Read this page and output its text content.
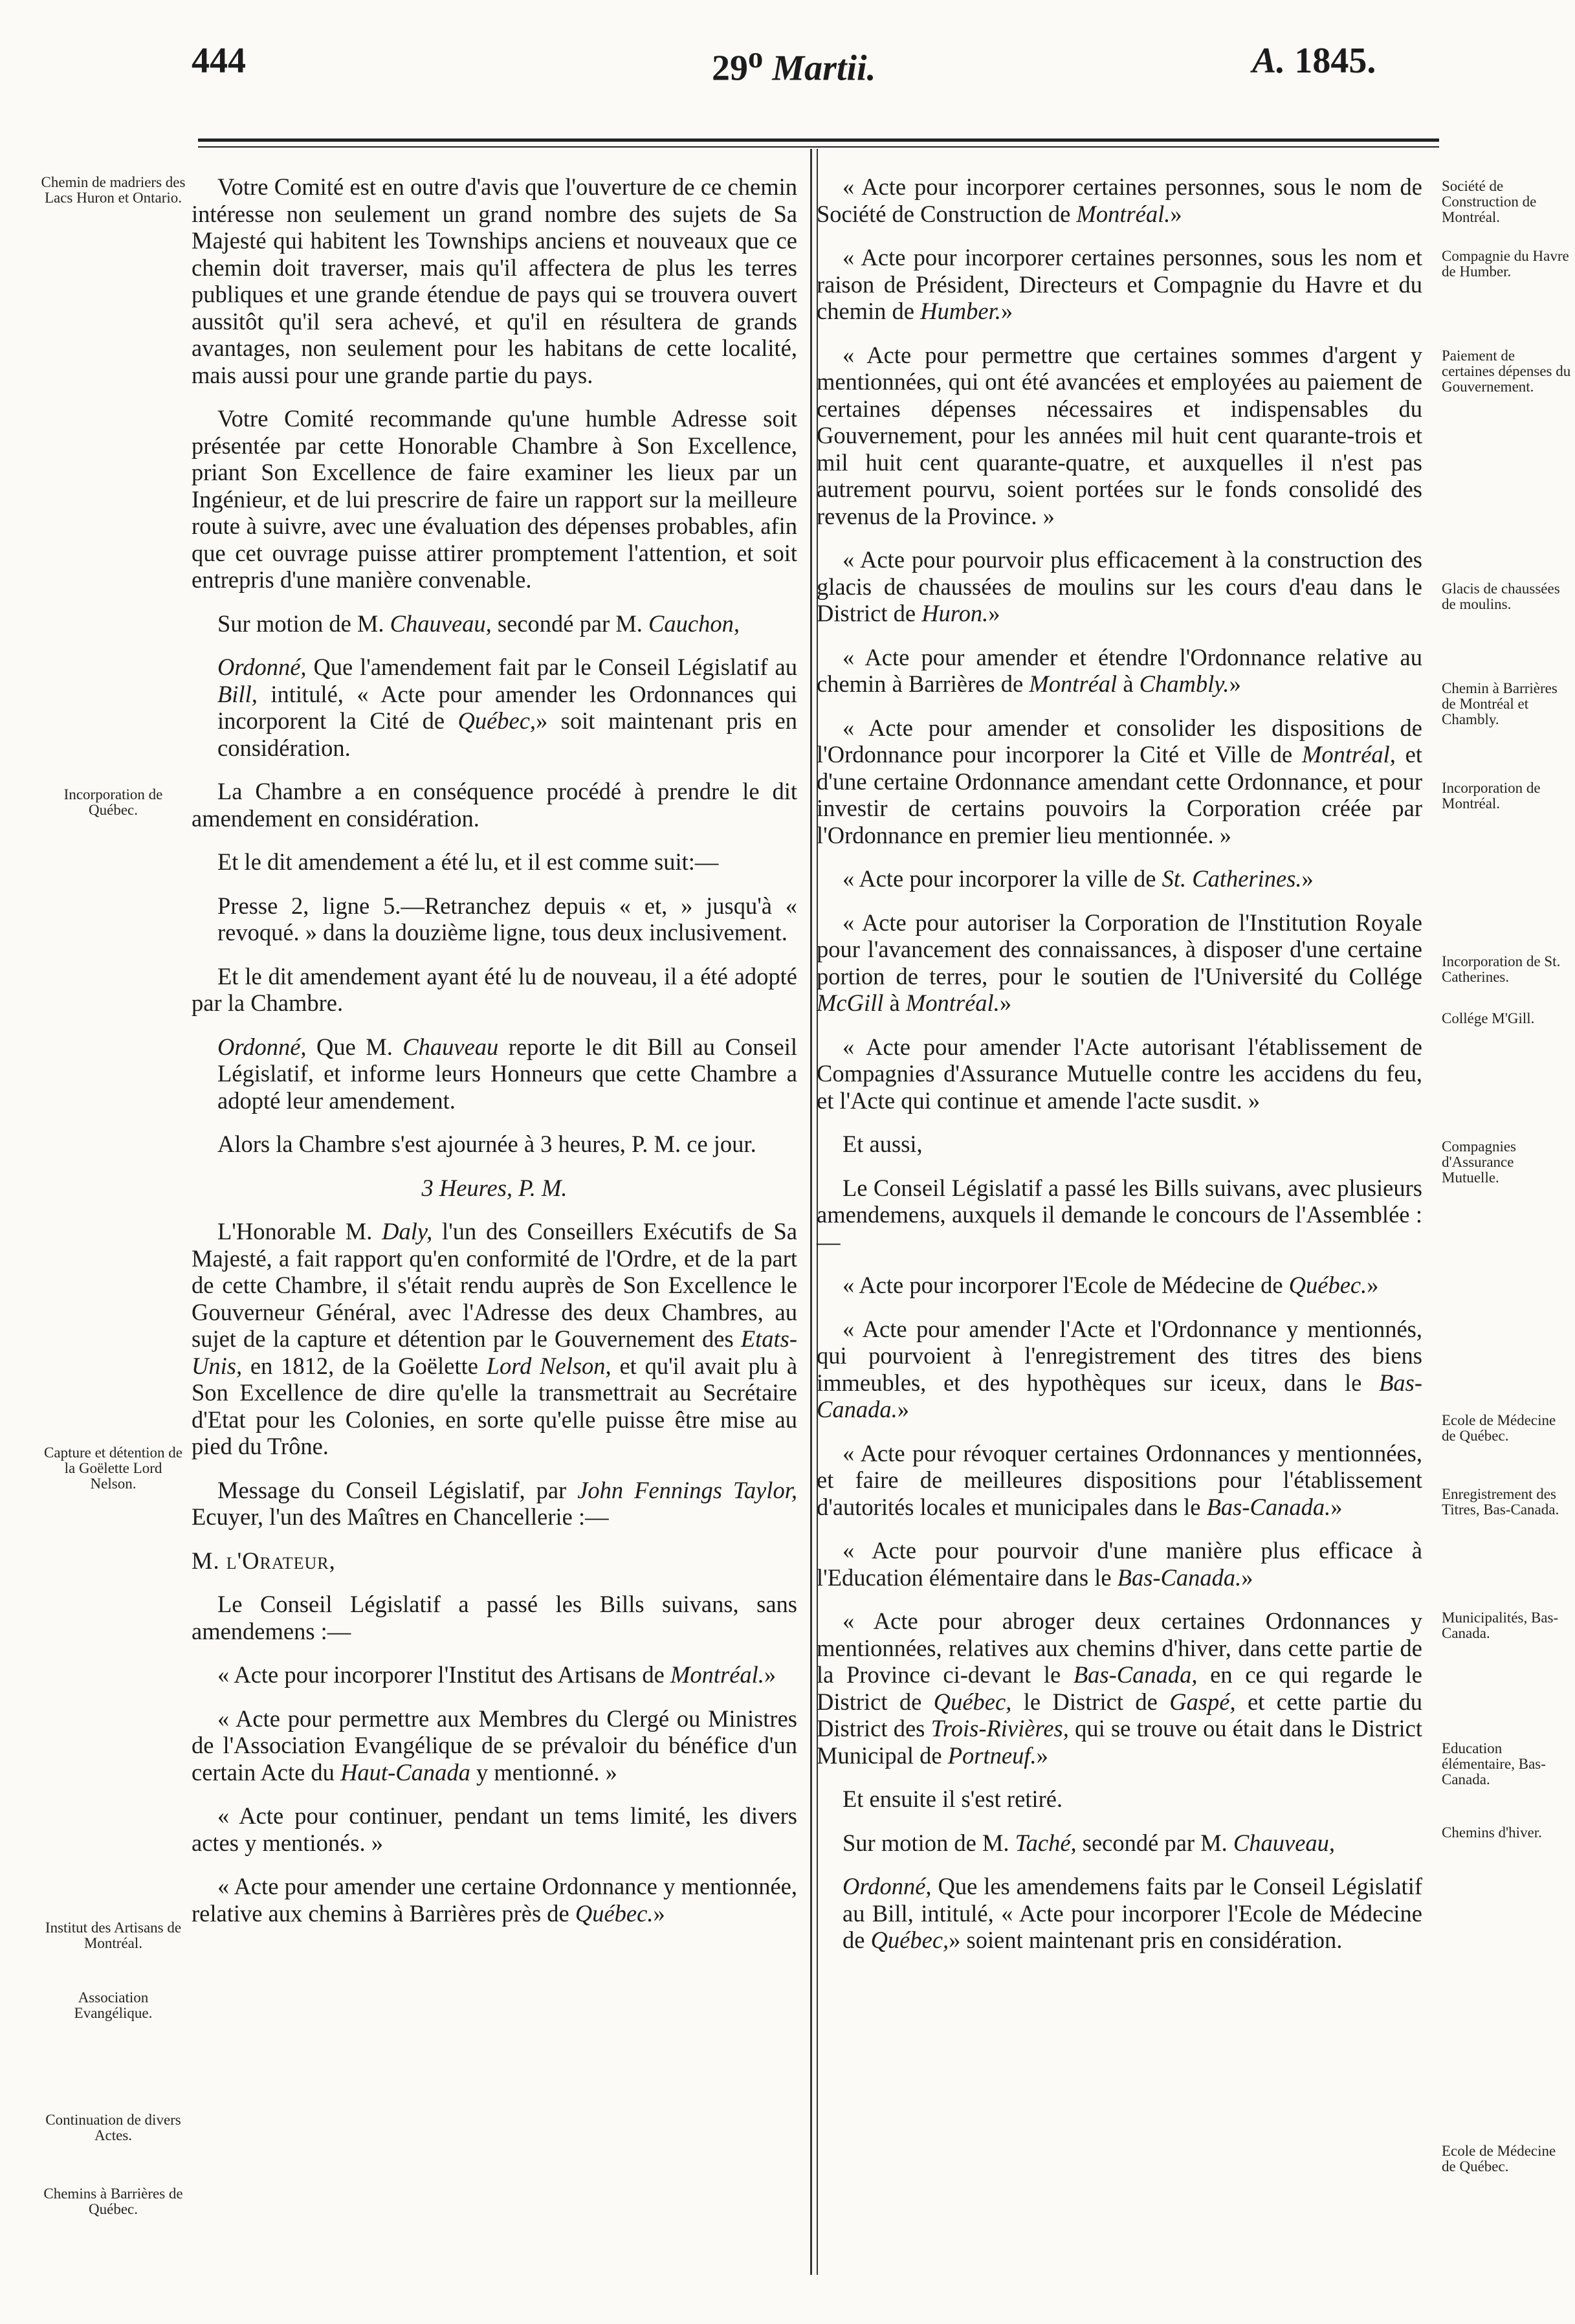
444	29$^o$ Martii.	A. 1845.
Chemin de madriers des Lacs Huron et Ontario.
Incorporation de Québec.
Capture et détention de la Goëlette Lord Nelson.
Institut des Artisans de Montréal.
Association Evangélique.
Continuation de divers Actes.
Chemins à Barrières de Québec.
Société de Construction de Montréal.
Compagnie du Havre de Humber.
Paiement de certaines dépenses du Gouvernement.
Glacis de chaussées de moulins.
Chemin à Barrières de Montréal et Chambly.
Incorporation de Montréal.
Incorporation de St. Catherines.
Collége M'Gill.
Compagnies d'Assurance Mutuelle.
Ecole de Médecine de Québec.
Enregistrement des Titres, Bas-Canada.
Municipalités, Bas-Canada.
Education élémentaire, Bas-Canada.
Chemins d'hiver.
Ecole de Médecine de Québec.

Votre Comité est en outre d'avis que l'ouverture de ce chemin intéresse non seulement un grand nombre des sujets de Sa Majesté qui habitent les Townships anciens et nouveaux que ce chemin doit traverser, mais qu'il affectera de plus les terres publiques et une grande étendue de pays qui se trouvera ouvert aussitôt qu'il sera achevé, et qu'il en résultera de grands avantages, non seulement pour les habitans de cette localité, mais aussi pour une grande partie du pays.

Votre Comité recommande qu'une humble Adresse soit présentée par cette Honorable Chambre à Son Excellence, priant Son Excellence de faire examiner les lieux par un Ingénieur, et de lui prescrire de faire un rapport sur la meilleure route à suivre, avec une évaluation des dépenses probables, afin que cet ouvrage puisse attirer promptement l'attention, et soit entrepris d'une manière convenable.

Sur motion de M. Chauveau, secondé par M. Cauchon,

Ordonné, Que l'amendement fait par le Conseil Législatif au Bill, intitulé, « Acte pour amender les Ordonnances qui incorporent la Cité de Québec,» soit maintenant pris en considération.

La Chambre a en conséquence procédé à prendre le dit amendement en considération.

Et le dit amendement a été lu, et il est comme suit:—

Presse 2, ligne 5.—Retranchez depuis « et, » jusqu'à « revoqué. » dans la douzième ligne, tous deux inclusivement.

Et le dit amendement ayant été lu de nouveau, il a été adopté par la Chambre.

Ordonné, Que M. Chauveau reporte le dit Bill au Conseil Législatif, et informe leurs Honneurs que cette Chambre a adopté leur amendement.

Alors la Chambre s'est ajournée à 3 heures, P. M. ce jour.

3 Heures, P. M.

L'Honorable M. Daly, l'un des Conseillers Exécutifs de Sa Majesté, a fait rapport qu'en conformité de l'Ordre, et de la part de cette Chambre, il s'était rendu auprès de Son Excellence le Gouverneur Général, avec l'Adresse des deux Chambres, au sujet de la capture et détention par le Gouvernement des Etats-Unis, en 1812, de la Goëlette Lord Nelson, et qu'il avait plu à Son Excellence de dire qu'elle la transmettrait au Secrétaire d'Etat pour les Colonies, en sorte qu'elle puisse être mise au pied du Trône.

Message du Conseil Législatif, par John Fennings Taylor, Ecuyer, l'un des Maîtres en Chancellerie :—

M. l'Orateur,

Le Conseil Législatif a passé les Bills suivans, sans amendemens :—

« Acte pour incorporer l'Institut des Artisans de Montréal.»

« Acte pour permettre aux Membres du Clergé ou Ministres de l'Association Evangélique de se prévaloir du bénéfice d'un certain Acte du Haut-Canada y mentionné. »

« Acte pour continuer, pendant un tems limité, les divers actes y mentionés. »

« Acte pour amender une certaine Ordonnance y mentionnée, relative aux chemins à Barrières près de Québec.»

« Acte pour incorporer certaines personnes, sous le nom de Société de Construction de Montréal.»

« Acte pour incorporer certaines personnes, sous les nom et raison de Président, Directeurs et Compagnie du Havre et du chemin de Humber.»

« Acte pour permettre que certaines sommes d'argent y mentionnées, qui ont été avancées et employées au paiement de certaines dépenses nécessaires et indispensables du Gouvernement, pour les années mil huit cent quarante-trois et mil huit cent quarante-quatre, et auxquelles il n'est pas autrement pourvu, soient portées sur le fonds consolidé des revenus de la Province. »

« Acte pour pourvoir plus efficacement à la construction des glacis de chaussées de moulins sur les cours d'eau dans le District de Huron.»

« Acte pour amender et étendre l'Ordonnance relative au chemin à Barrières de Montréal à Chambly.»

« Acte pour amender et consolider les dispositions de l'Ordonnance pour incorporer la Cité et Ville de Montréal, et d'une certaine Ordonnance amendant cette Ordonnance, et pour investir de certains pouvoirs la Corporation créée par l'Ordonnance en premier lieu mentionnée. »

« Acte pour incorporer la ville de St. Catherines.»

« Acte pour autoriser la Corporation de l'Institution Royale pour l'avancement des connaissances, à disposer d'une certaine portion de terres, pour le soutien de l'Université du Collége McGill à Montréal.»

« Acte pour amender l'Acte autorisant l'établissement de Compagnies d'Assurance Mutuelle contre les accidens du feu, et l'Acte qui continue et amende l'acte susdit. »

Et aussi,

Le Conseil Législatif a passé les Bills suivans, avec plusieurs amendemens, auxquels il demande le concours de l'Assemblée :—

« Acte pour incorporer l'Ecole de Médecine de Québec.»

« Acte pour amender l'Acte et l'Ordonnance y mentionnés, qui pourvoient à l'enregistrement des titres des biens immeubles, et des hypothèques sur iceux, dans le Bas-Canada.»

« Acte pour révoquer certaines Ordonnances y mentionnées, et faire de meilleures dispositions pour l'établissement d'autorités locales et municipales dans le Bas-Canada.»

« Acte pour pourvoir d'une manière plus efficace à l'Education élémentaire dans le Bas-Canada.»

« Acte pour abroger deux certaines Ordonnances y mentionnées, relatives aux chemins d'hiver, dans cette partie de la Province ci-devant le Bas-Canada, en ce qui regarde le District de Québec, le District de Gaspé, et cette partie du District des Trois-Rivières, qui se trouve ou était dans le District Municipal de Portneuf.»

Et ensuite il s'est retiré.

Sur motion de M. Taché, secondé par M. Chauveau,

Ordonné, Que les amendemens faits par le Conseil Législatif au Bill, intitulé, « Acte pour incorporer l'Ecole de Médecine de Québec,» soient maintenant pris en considération.
